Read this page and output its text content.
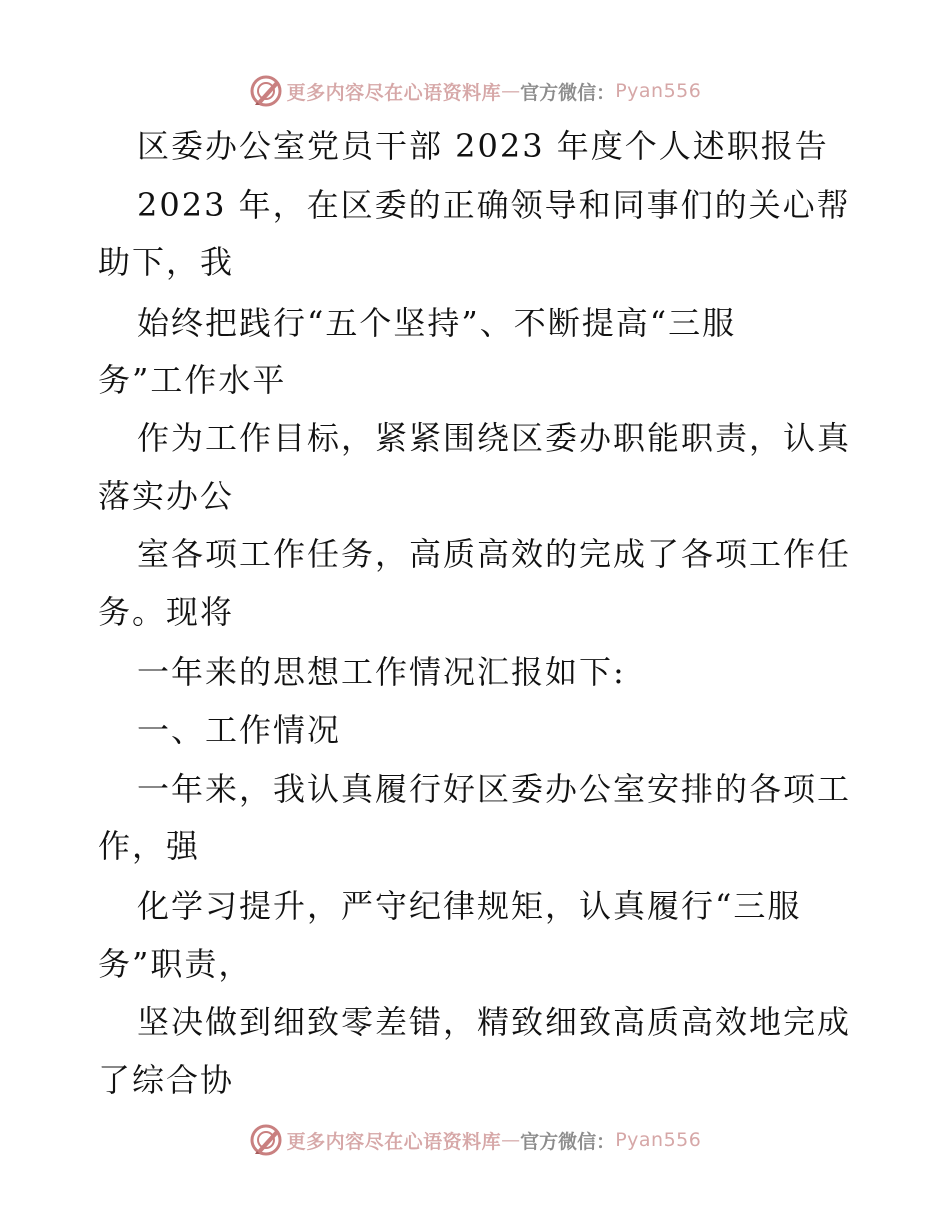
更多内容尽在心语资料库 — 官方微信： Pyan556
区委办公室党员干部 2023 年度个人述职报告
2023 年，在区委的正确领导和同事们的关心帮
助下，我
始终把践行“五个坚持”、不断提高“三服
务”工作水平
作为工作目标，紧紧围绕区委办职能职责，认真
落实办公
室各项工作任务，高质高效的完成了各项工作任
务。现将
一年来的思想工作情况汇报如下:
一、工作情况
一年来，我认真履行好区委办公室安排的各项工
作，强
化学习提升，严守纪律规矩，认真履行“三服
务”职责，
坚决做到细致零差错，精致细致高质高效地完成
了综合协
更多内容尽在心语资料库 — 官方微信： Pyan556
